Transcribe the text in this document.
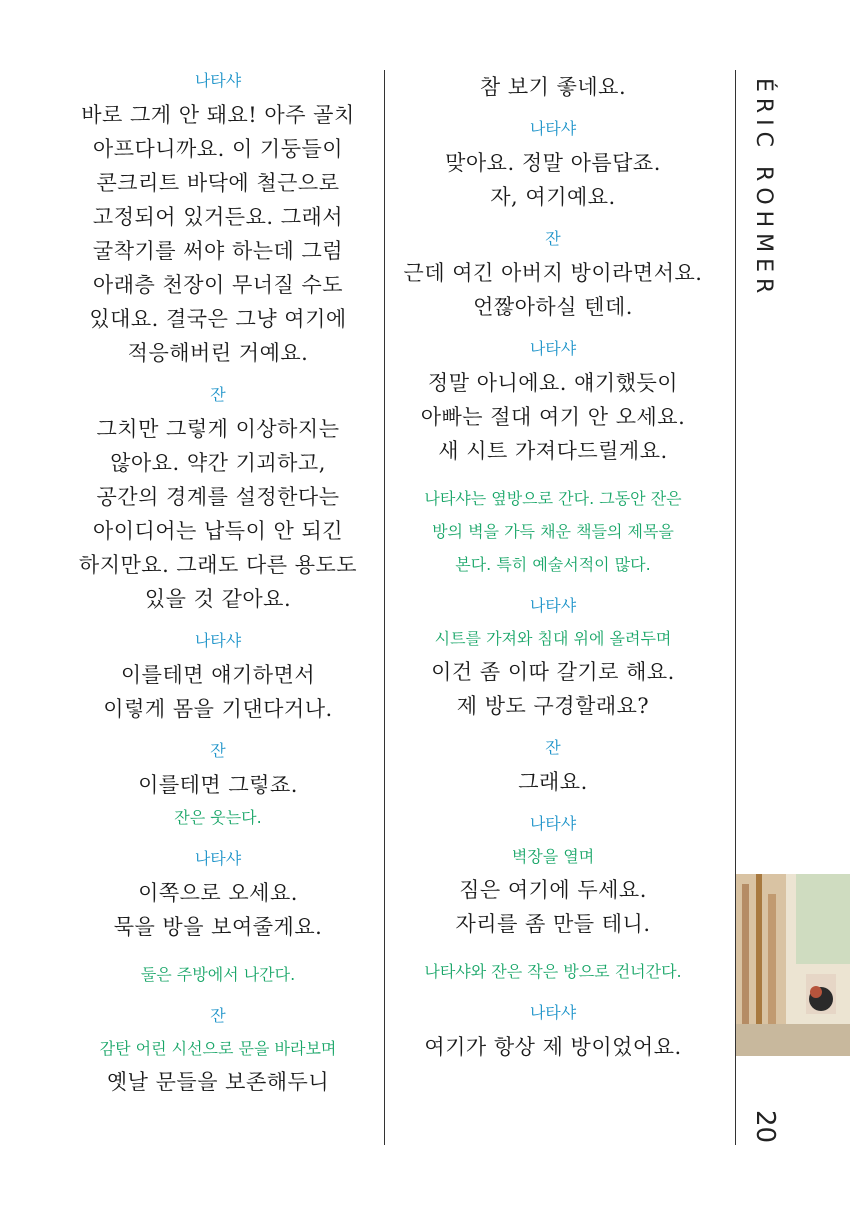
나타샤
바로 그게 안 돼요! 아주 골치
아프다니까요. 이 기둥들이
콘크리트 바닥에 철근으로
고정되어 있거든요. 그래서
굴착기를 써야 하는데 그럼
아래층 천장이 무너질 수도
있대요. 결국은 그냥 여기에
적응해버린 거예요.
잔
그치만 그렇게 이상하지는
않아요. 약간 기괴하고,
공간의 경계를 설정한다는
아이디어는 납득이 안 되긴
하지만요. 그래도 다른 용도도
있을 것 같아요.
나타샤
이를테면 얘기하면서
이렇게 몸을 기댄다거나.
잔
이를테면 그렇죠.
잔은 웃는다.
나타샤
이쪽으로 오세요.
묵을 방을 보여줄게요.
둘은 주방에서 나간다.
잔
감탄 어린 시선으로 문을 바라보며
옛날 문들을 보존해두니
참 보기 좋네요.
나타샤
맞아요. 정말 아름답죠.
자, 여기예요.
잔
근데 여긴 아버지 방이라면서요.
언짢아하실 텐데.
나타샤
정말 아니에요. 얘기했듯이
아빠는 절대 여기 안 오세요.
새 시트 가져다드릴게요.
나타샤는 옆방으로 간다. 그동안 잔은
방의 벽을 가득 채운 책들의 제목을
본다. 특히 예술서적이 많다.
나타샤
시트를 가져와 침대 위에 올려두며
이건 좀 이따 갈기로 해요.
제 방도 구경할래요?
잔
그래요.
나타샤
벽장을 열며
짐은 여기에 두세요.
자리를 좀 만들 테니.
나타샤와 잔은 작은 방으로 건너간다.
나타샤
여기가 항상 제 방이었어요.
ÉRIC ROHMER
20
